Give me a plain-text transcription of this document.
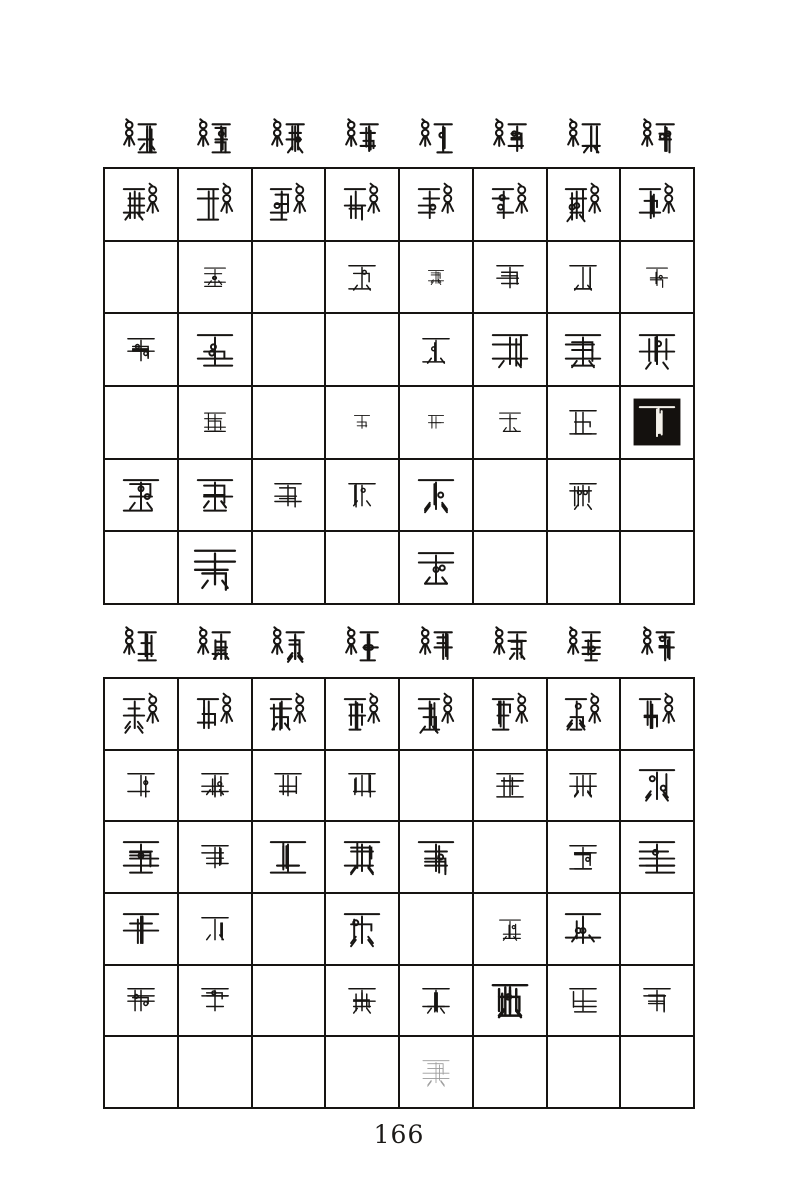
166
